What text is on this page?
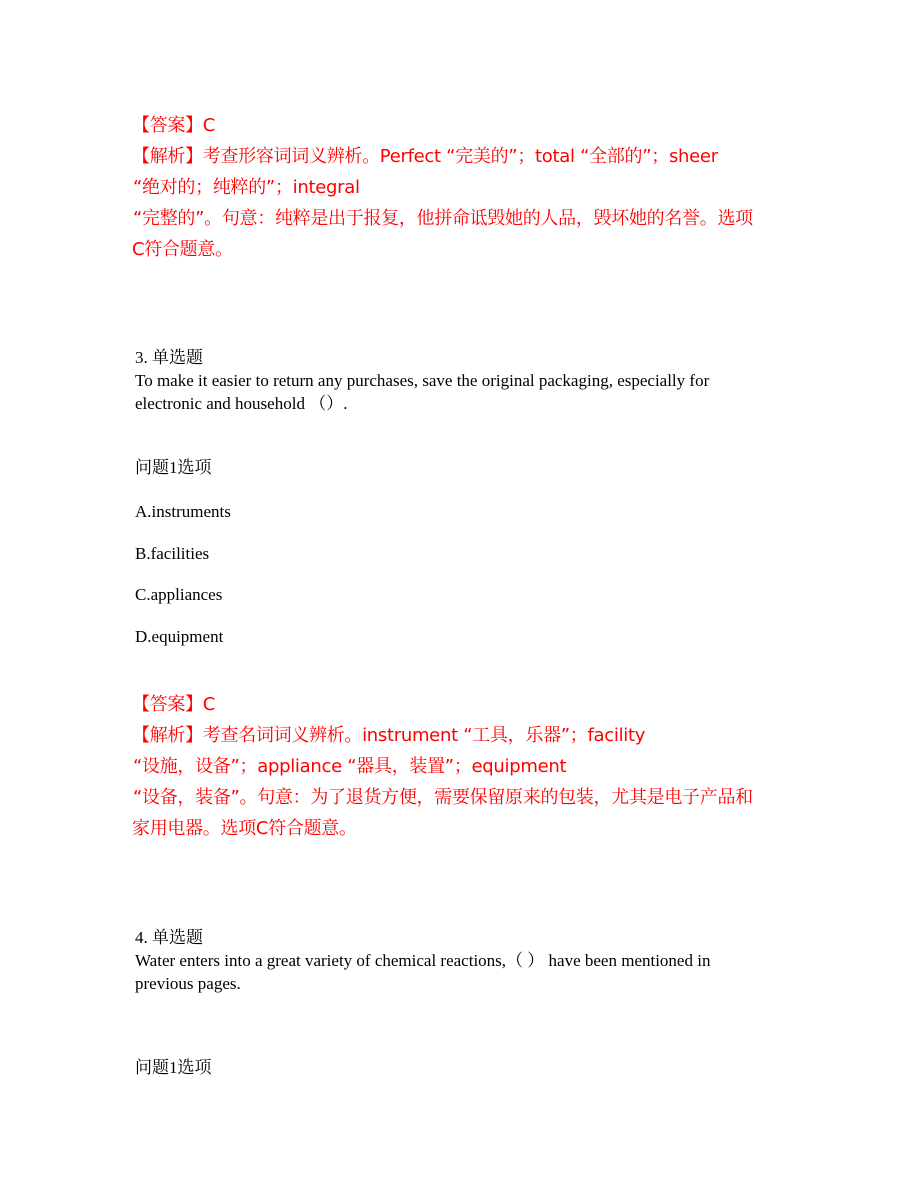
【答案】C
【解析】考查形容词词义辨析。Perfect “完美的”；total “全部的”；sheer
“绝对的；纯粹的”；integral
“完整的”。句意：纯粹是出于报复，他拼命诋毁她的人品，毁坏她的名誉。选项
C符合题意。
3. 单选题
To make it easier to return any purchases, save the original packaging, especially for
electronic and household （）.
问题1选项
A.instruments
B.facilities
C.appliances
D.equipment
【答案】C
【解析】考查名词词义辨析。instrument “工具，乐器”；facility
“设施，设备”；appliance “器具，装置”；equipment
“设备，装备”。句意：为了退货方便，需要保留原来的包装，尤其是电子产品和
家用电器。选项C符合题意。
4. 单选题
Water enters into a great variety of chemical reactions,（ ） have been mentioned in
previous pages.
问题1选项
